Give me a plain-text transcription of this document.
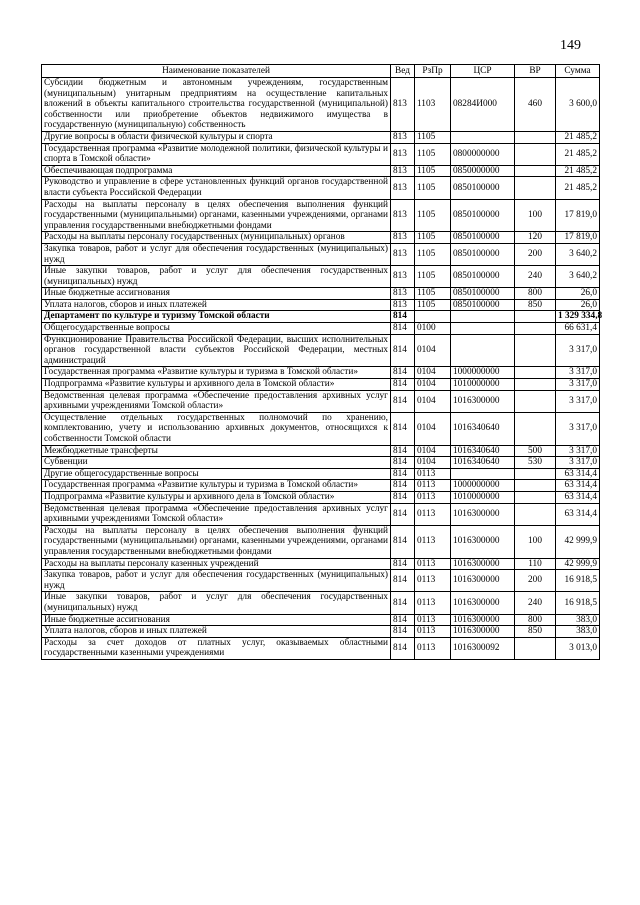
149
Наименование показателей	Вед	РзПр	ЦСР	ВР	Сумма
Субсидии бюджетным и автономным учреждениям, государственным (муниципальным) унитарным предприятиям на осуществление капитальных вложений в объекты капитального строительства государственной (муниципальной) собственности или приобретение объектов недвижимого имущества в государственную (муниципальную) собственность	813	1103	08284И000	460	3 600,0
Другие вопросы в области физической культуры и спорта	813	1105			21 485,2
Государственная программа «Развитие молодежной политики, физической культуры и спорта в Томской области»	813	1105	0800000000		21 485,2
Обеспечивающая подпрограмма	813	1105	0850000000		21 485,2
Руководство и управление в сфере установленных функций органов государственной власти субъекта Российской Федерации	813	1105	0850100000		21 485,2
Расходы на выплаты персоналу в целях обеспечения выполнения функций государственными (муниципальными) органами, казенными учреждениями, органами управления государственными внебюджетными фондами	813	1105	0850100000	100	17 819,0
Расходы на выплаты персоналу государственных (муниципальных) органов	813	1105	0850100000	120	17 819,0
Закупка товаров, работ и услуг для обеспечения государственных (муниципальных) нужд	813	1105	0850100000	200	3 640,2
Иные закупки товаров, работ и услуг для обеспечения государственных (муниципальных) нужд	813	1105	0850100000	240	3 640,2
Иные бюджетные ассигнования	813	1105	0850100000	800	26,0
Уплата налогов, сборов и иных платежей	813	1105	0850100000	850	26,0
Департамент по культуре и туризму Томской области	814				1 329 334,8
Общегосударственные вопросы	814	0100			66 631,4
Функционирование Правительства Российской Федерации, высших исполнительных органов государственной власти субъектов Российской Федерации, местных администраций	814	0104			3 317,0
Государственная программа «Развитие культуры и туризма в Томской области»	814	0104	1000000000		3 317,0
Подпрограмма «Развитие культуры и архивного дела в Томской области»	814	0104	1010000000		3 317,0
Ведомственная целевая программа «Обеспечение предоставления архивных услуг архивными учреждениями Томской области»	814	0104	1016300000		3 317,0
Осуществление отдельных государственных полномочий по хранению, комплектованию, учету и использованию архивных документов, относящихся к собственности Томской области	814	0104	1016340640		3 317,0
Межбюджетные трансферты	814	0104	1016340640	500	3 317,0
Субвенции	814	0104	1016340640	530	3 317,0
Другие общегосударственные вопросы	814	0113			63 314,4
Государственная программа «Развитие культуры и туризма в Томской области»	814	0113	1000000000		63 314,4
Подпрограмма «Развитие культуры и архивного дела в Томской области»	814	0113	1010000000		63 314,4
Ведомственная целевая программа «Обеспечение предоставления архивных услуг архивными учреждениями Томской области»	814	0113	1016300000		63 314,4
Расходы на выплаты персоналу в целях обеспечения выполнения функций государственными (муниципальными) органами, казенными учреждениями, органами управления государственными внебюджетными фондами	814	0113	1016300000	100	42 999,9
Расходы на выплаты персоналу казенных учреждений	814	0113	1016300000	110	42 999,9
Закупка товаров, работ и услуг для обеспечения государственных (муниципальных) нужд	814	0113	1016300000	200	16 918,5
Иные закупки товаров, работ и услуг для обеспечения государственных (муниципальных) нужд	814	0113	1016300000	240	16 918,5
Иные бюджетные ассигнования	814	0113	1016300000	800	383,0
Уплата налогов, сборов и иных платежей	814	0113	1016300000	850	383,0
Расходы за счет доходов от платных услуг, оказываемых областными государственными казенными учреждениями	814	0113	1016300092		3 013,0
